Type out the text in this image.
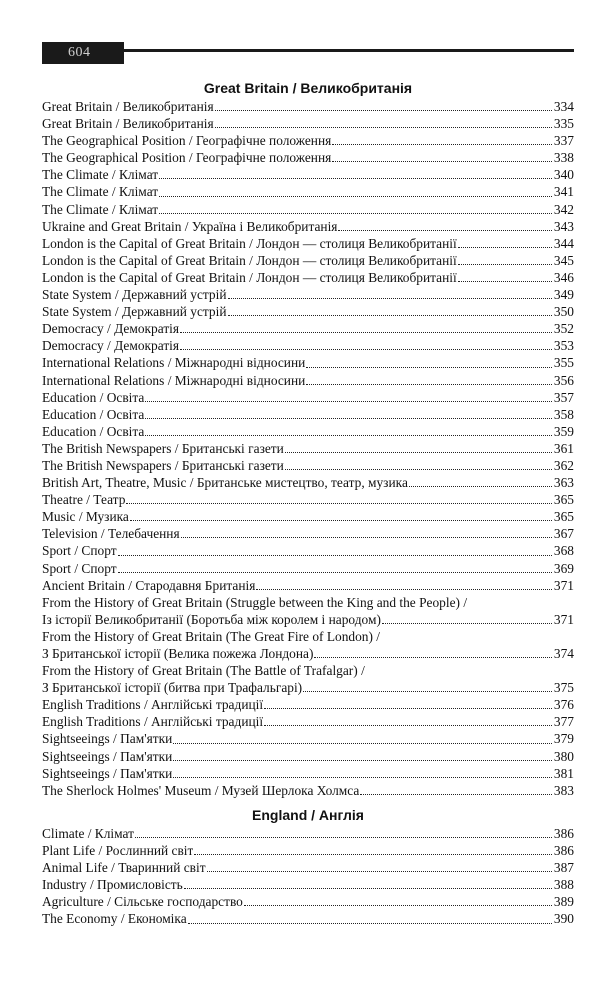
604
Great Britain / Великобританія
Great Britain / Великобританія	334
Great Britain / Великобританія	335
The Geographical Position / Географічне положення	337
The Geographical Position / Географічне положення	338
The Climate / Клімат	340
The Climate / Клімат	341
The Climate / Клімат	342
Ukraine and Great Britain / Україна і Великобританія	343
London is the Capital of Great Britain / Лондон — столиця Великобританії	344
London is the Capital of Great Britain / Лондон — столиця Великобританії	345
London is the Capital of Great Britain / Лондон — столиця Великобританії	346
State System / Державний устрій	349
State System / Державний устрій	350
Democracy / Демократія	352
Democracy / Демократія	353
International Relations / Міжнародні відносини	355
International Relations / Міжнародні відносини	356
Education / Освіта	357
Education / Освіта	358
Education / Освіта	359
The British Newspapers / Британські газети	361
The British Newspapers / Британські газети	362
British Art, Theatre, Music / Британське мистецтво, театр, музика	363
Theatre / Театр	365
Music / Музика	365
Television / Телебачення	367
Sport / Спорт	368
Sport / Спорт	369
Ancient Britain / Стародавня Британія	371
From the History of Great Britain (Struggle between the King and the People) /
Із історії Великобританії (Боротьба між королем і народом)	371
From the History of Great Britain (The Great Fire of London) /
З Британської історії (Велика пожежа Лондона)	374
From the History of Great Britain (The Battle of Trafalgar) /
З Британської історії (битва при Трафальгарі)	375
English Traditions / Англійські традиції	376
English Traditions / Англійські традиції	377
Sightseeings / Пам'ятки	379
Sightseeings / Пам'ятки	380
Sightseeings / Пам'ятки	381
The Sherlock Holmes' Museum / Музей Шерлока Холмса	383
England / Англія
Climate / Клімат	386
Plant Life / Рослинний світ	386
Animal Life / Тваринний світ	387
Industry / Промисловість	388
Agriculture / Сільське господарство	389
The Economy / Економіка	390
